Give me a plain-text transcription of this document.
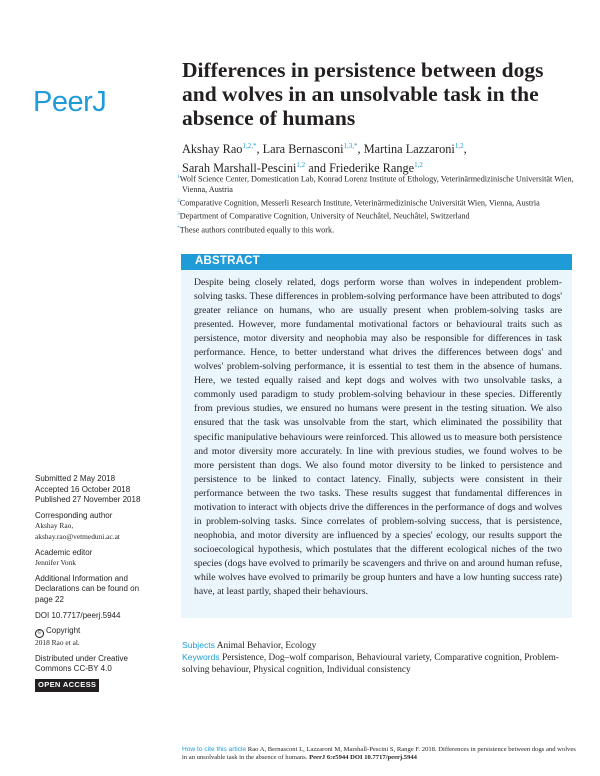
PeerJ
Differences in persistence between dogs and wolves in an unsolvable task in the absence of humans
Akshay Rao$^{1,2,*}$, Lara Bernasconi$^{1,3,*}$, Martina Lazzaroni$^{1,2}$,
Sarah Marshall-Pescini$^{1,2}$ and Friederike Range$^{1,2}$
$^1$Wolf Science Center, Domestication Lab, Konrad Lorenz Institute of Ethology, Veterinärmedizinische Universität Wien, Vienna, Austria
$^2$Comparative Cognition, Messerli Research Institute, Veterinärmedizinische Universität Wien, Vienna, Austria
$^3$Department of Comparative Cognition, University of Neuchâtel, Neuchâtel, Switzerland
*These authors contributed equally to this work.
ABSTRACT

Despite being closely related, dogs perform worse than wolves in independent problem-solving tasks. These differences in problem-solving performance have been attributed to dogs' greater reliance on humans, who are usually present when problem-solving tasks are presented. However, more fundamental motivational factors or behavioural traits such as persistence, motor diversity and neophobia may also be responsible for differences in task performance. Hence, to better understand what drives the differences between dogs' and wolves' problem-solving performance, it is essential to test them in the absence of humans. Here, we tested equally raised and kept dogs and wolves with two unsolvable tasks, a commonly used paradigm to study problem-solving behaviour in these species. Differently from previous studies, we ensured no humans were present in the testing situation. We also ensured that the task was unsolvable from the start, which eliminated the possibility that specific manipulative behaviours were reinforced. This allowed us to measure both persistence and motor diversity more accurately. In line with previous studies, we found wolves to be more persistent than dogs. We also found motor diversity to be linked to persistence and persistence to be linked to contact latency. Finally, subjects were consistent in their performance between the two tasks. These results suggest that fundamental differences in motivation to interact with objects drive the differences in the performance of dogs and wolves in problem-solving tasks. Since correlates of problem-solving success, that is persistence, neophobia, and motor diversity are influenced by a species' ecology, our results support the socioecological hypothesis, which postulates that the different ecological niches of the two species (dogs have evolved to primarily be scavengers and thrive on and around human refuse, while wolves have evolved to primarily be group hunters and have a low hunting success rate) have, at least partly, shaped their behaviours.

Submitted 2 May 2018
Accepted 16 October 2018
Published 27 November 2018
Corresponding author
Akshay Rao,
akshay.rao@vetmeduni.ac.at
Academic editor
Jennifer Vonk
Additional Information and Declarations can be found on page 22
DOI 10.7717/peerj.5944
© Copyright
2018 Rao et al.
Distributed under Creative Commons CC-BY 4.0
OPEN ACCESS
Subjects Animal Behavior, Ecology
Keywords Persistence, Dog–wolf comparison, Behavioural variety, Comparative cognition, Problem-solving behaviour, Physical cognition, Individual consistency
How to cite this article Rao A, Bernasconi L, Lazzaroni M, Marshall-Pescini S, Range F. 2018. Differences in persistence between dogs and wolves in an unsolvable task in the absence of humans. PeerJ 6:e5944 DOI 10.7717/peerj.5944
